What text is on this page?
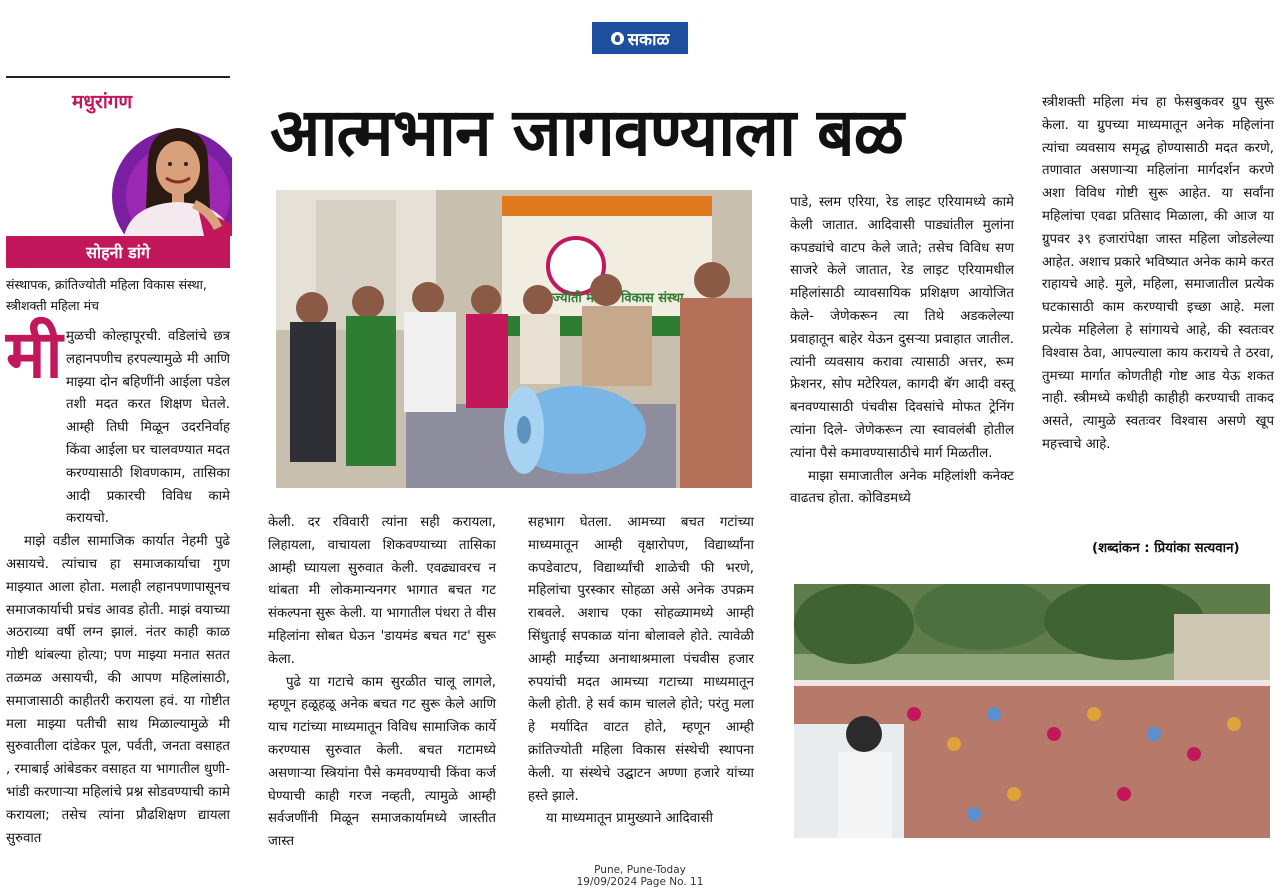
सकाळ
मधुरांगण
सोहनी डांगे
संस्थापक, क्रांतिज्योती महिला विकास संस्था, स्त्रीशक्ती महिला मंच
मी मुळची कोल्हापूरची. वडिलांचे छत्र लहानपणीच हरपल्यामुळे मी आणि माझ्या दोन बहिणींनी आईला पडेल तशी मदत करत शिक्षण घेतले. आम्ही तिघी मिळून उदरनिर्वाह किंवा आईला घर चालवण्यात मदत करण्यासाठी शिवणकाम, तासिका आदी प्रकारची विविध कामे करायचो.

माझे वडील सामाजिक कार्यात नेहमी पुढे असायचे. त्यांचाच हा समाजकार्याचा गुण माझ्यात आला होता. मलाही लहानपणापासूनच समाजकार्याची प्रचंड आवड होती. माझं वयाच्या अठराव्या वर्षी लग्न झालं. नंतर काही काळ गोष्टी थांबल्या होत्या; पण माझ्या मनात सतत तळमळ असायची, की आपण महिलांसाठी, समाजासाठी काहीतरी करायला हवं. या गोष्टीत मला माझ्या पतीची साथ मिळाल्यामुळे मी सुरुवातीला दांडेकर पूल, पर्वती, जनता वसाहत , रमाबाई आंबेडकर वसाहत या भागातील धुणी-भांडी करणाऱ्या महिलांचे प्रश्न सोडवण्याची कामे करायला; तसेच त्यांना प्रौढशिक्षण द्यायला सुरुवात

आत्मभान जागवण्याला बळ
क्रांतिज्योती विकास संस्था

केली. दर रविवारी त्यांना सही करायला, लिहायला, वाचायला शिकवण्याच्या तासिका आम्ही घ्यायला सुरुवात केली. एवढ्यावरच न थांबता मी लोकमान्यनगर भागात बचत गट संकल्पना सुरू केली. या भागातील पंधरा ते वीस महिलांना सोबत घेऊन 'डायमंड बचत गट' सुरू केला.

पुढे या गटाचे काम सुरळीत चालू लागले, म्हणून हळूहळू अनेक बचत गट सुरू केले आणि याच गटांच्या माध्यमातून विविध सामाजिक कार्ये करण्यास सुरुवात केली. बचत गटामध्ये असणाऱ्या स्त्रियांना पैसे कमवण्याची किंवा कर्ज घेण्याची काही गरज नव्हती, त्यामुळे आम्ही सर्वजणींनी मिळून समाजकार्यामध्ये जास्तीत जास्त

सहभाग घेतला. आमच्या बचत गटांच्या माध्यमातून आम्ही वृक्षारोपण, विद्यार्थ्यांना कपडेवाटप, विद्यार्थ्यांची शाळेची फी भरणे, महिलांचा पुरस्कार सोहळा असे अनेक उपक्रम राबवले. अशाच एका सोहळ्यामध्ये आम्ही सिंधुताई सपकाळ यांना बोलावले होते. त्यावेळी आम्ही माईंच्या अनाथाश्रमाला पंचवीस हजार रुपयांची मदत आमच्या गटाच्या माध्यमातून केली होती. हे सर्व काम चालले होते; परंतु मला हे मर्यादित वाटत होते, म्हणून आम्ही क्रांतिज्योती महिला विकास संस्थेची स्थापना केली. या संस्थेचे उद्घाटन अण्णा हजारे यांच्या हस्ते झाले.

या माध्यमातून प्रामुख्याने आदिवासी

पाडे, स्लम एरिया, रेड लाइट एरियामध्ये कामे केली जातात. आदिवासी पाड्यांतील मुलांना कपड्यांचे वाटप केले जाते; तसेच विविध सण साजरे केले जातात, रेड लाइट एरियामधील महिलांसाठी व्यावसायिक प्रशिक्षण आयोजित केले- जेणेकरून त्या तिथे अडकलेल्या प्रवाहातून बाहेर येऊन दुसऱ्या प्रवाहात जातील. त्यांनी व्यवसाय करावा त्यासाठी अत्तर, रूम फ्रेशनर, सोप मटेरियल, कागदी बॅग आदी वस्तू बनवण्यासाठी पंचवीस दिवसांचे मोफत ट्रेनिंग त्यांना दिले- जेणेकरून त्या स्वावलंबी होतील त्यांना पैसे कमावण्यासाठीचे मार्ग मिळतील.

माझा समाजातील अनेक महिलांशी कनेक्ट वाढतच होता. कोविडमध्ये

स्त्रीशक्ती महिला मंच हा फेसबुकवर ग्रुप सुरू केला. या ग्रुपच्या माध्यमातून अनेक महिलांना त्यांचा व्यवसाय समृद्ध होण्यासाठी मदत करणे, तणावात असणाऱ्या महिलांना मार्गदर्शन करणे अशा विविध गोष्टी सुरू आहेत. या सर्वांना महिलांचा एवढा प्रतिसाद मिळाला, की आज या ग्रुपवर ३९ हजारांपेक्षा जास्त महिला जोडलेल्या आहेत. अशाच प्रकारे भविष्यात अनेक कामे करत राहायचे आहे. मुले, महिला, समाजातील प्रत्येक घटकासाठी काम करण्याची इच्छा आहे. मला प्रत्येक महिलेला हे सांगायचे आहे, की स्वतःवर विश्वास ठेवा, आपल्याला काय करायचे ते ठरवा, तुमच्या मार्गात कोणतीही गोष्ट आड येऊ शकत नाही. स्त्रीमध्ये कधीही काहीही करण्याची ताकद असते, त्यामुळे स्वतःवर विश्वास असणे खूप महत्त्वाचे आहे.

(शब्दांकन : प्रियांका सत्यवान)
Pune, Pune-Today
19/09/2024 Page No. 11
